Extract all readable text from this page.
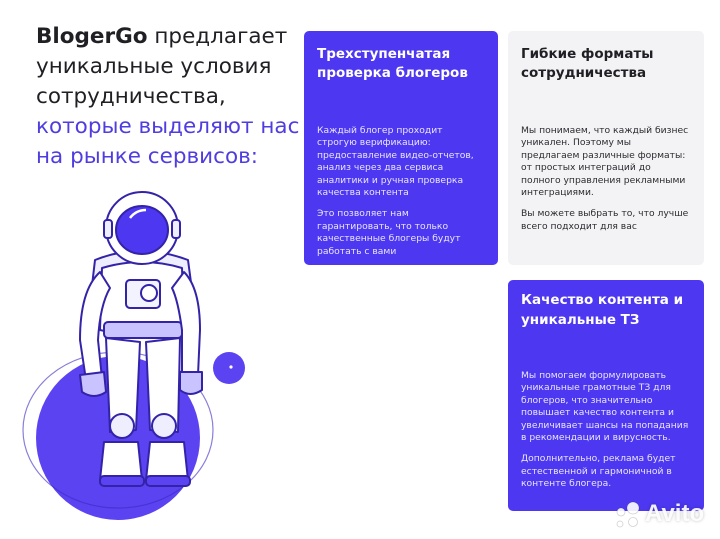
BlogerGo предлагает уникальные условия сотрудничества, которые выделяют нас на рынке сервисов:
Трехступенчатая проверка блогеров

Каждый блогер проходит строгую верификацию: предоставление видео-отчетов, анализ через два сервиса аналитики и ручная проверка качества контента

Это позволяет нам гарантировать, что только качественные блогеры будут работать с вами

Гибкие форматы сотрудничества

Мы понимаем, что каждый бизнес уникален. Поэтому мы предлагаем различные форматы: от простых интеграций до полного управления рекламными интеграциями.

Вы можете выбрать то, что лучше всего подходит для вас

Качество контента и уникальные ТЗ

Мы помогаем формулировать уникальные грамотные ТЗ для блогеров, что значительно повышает качество контента и увеличивает шансы на попадания в рекомендации и вирусность.

Дополнительно, реклама будет естественной и гармоничной в контенте блогера.

Avito
